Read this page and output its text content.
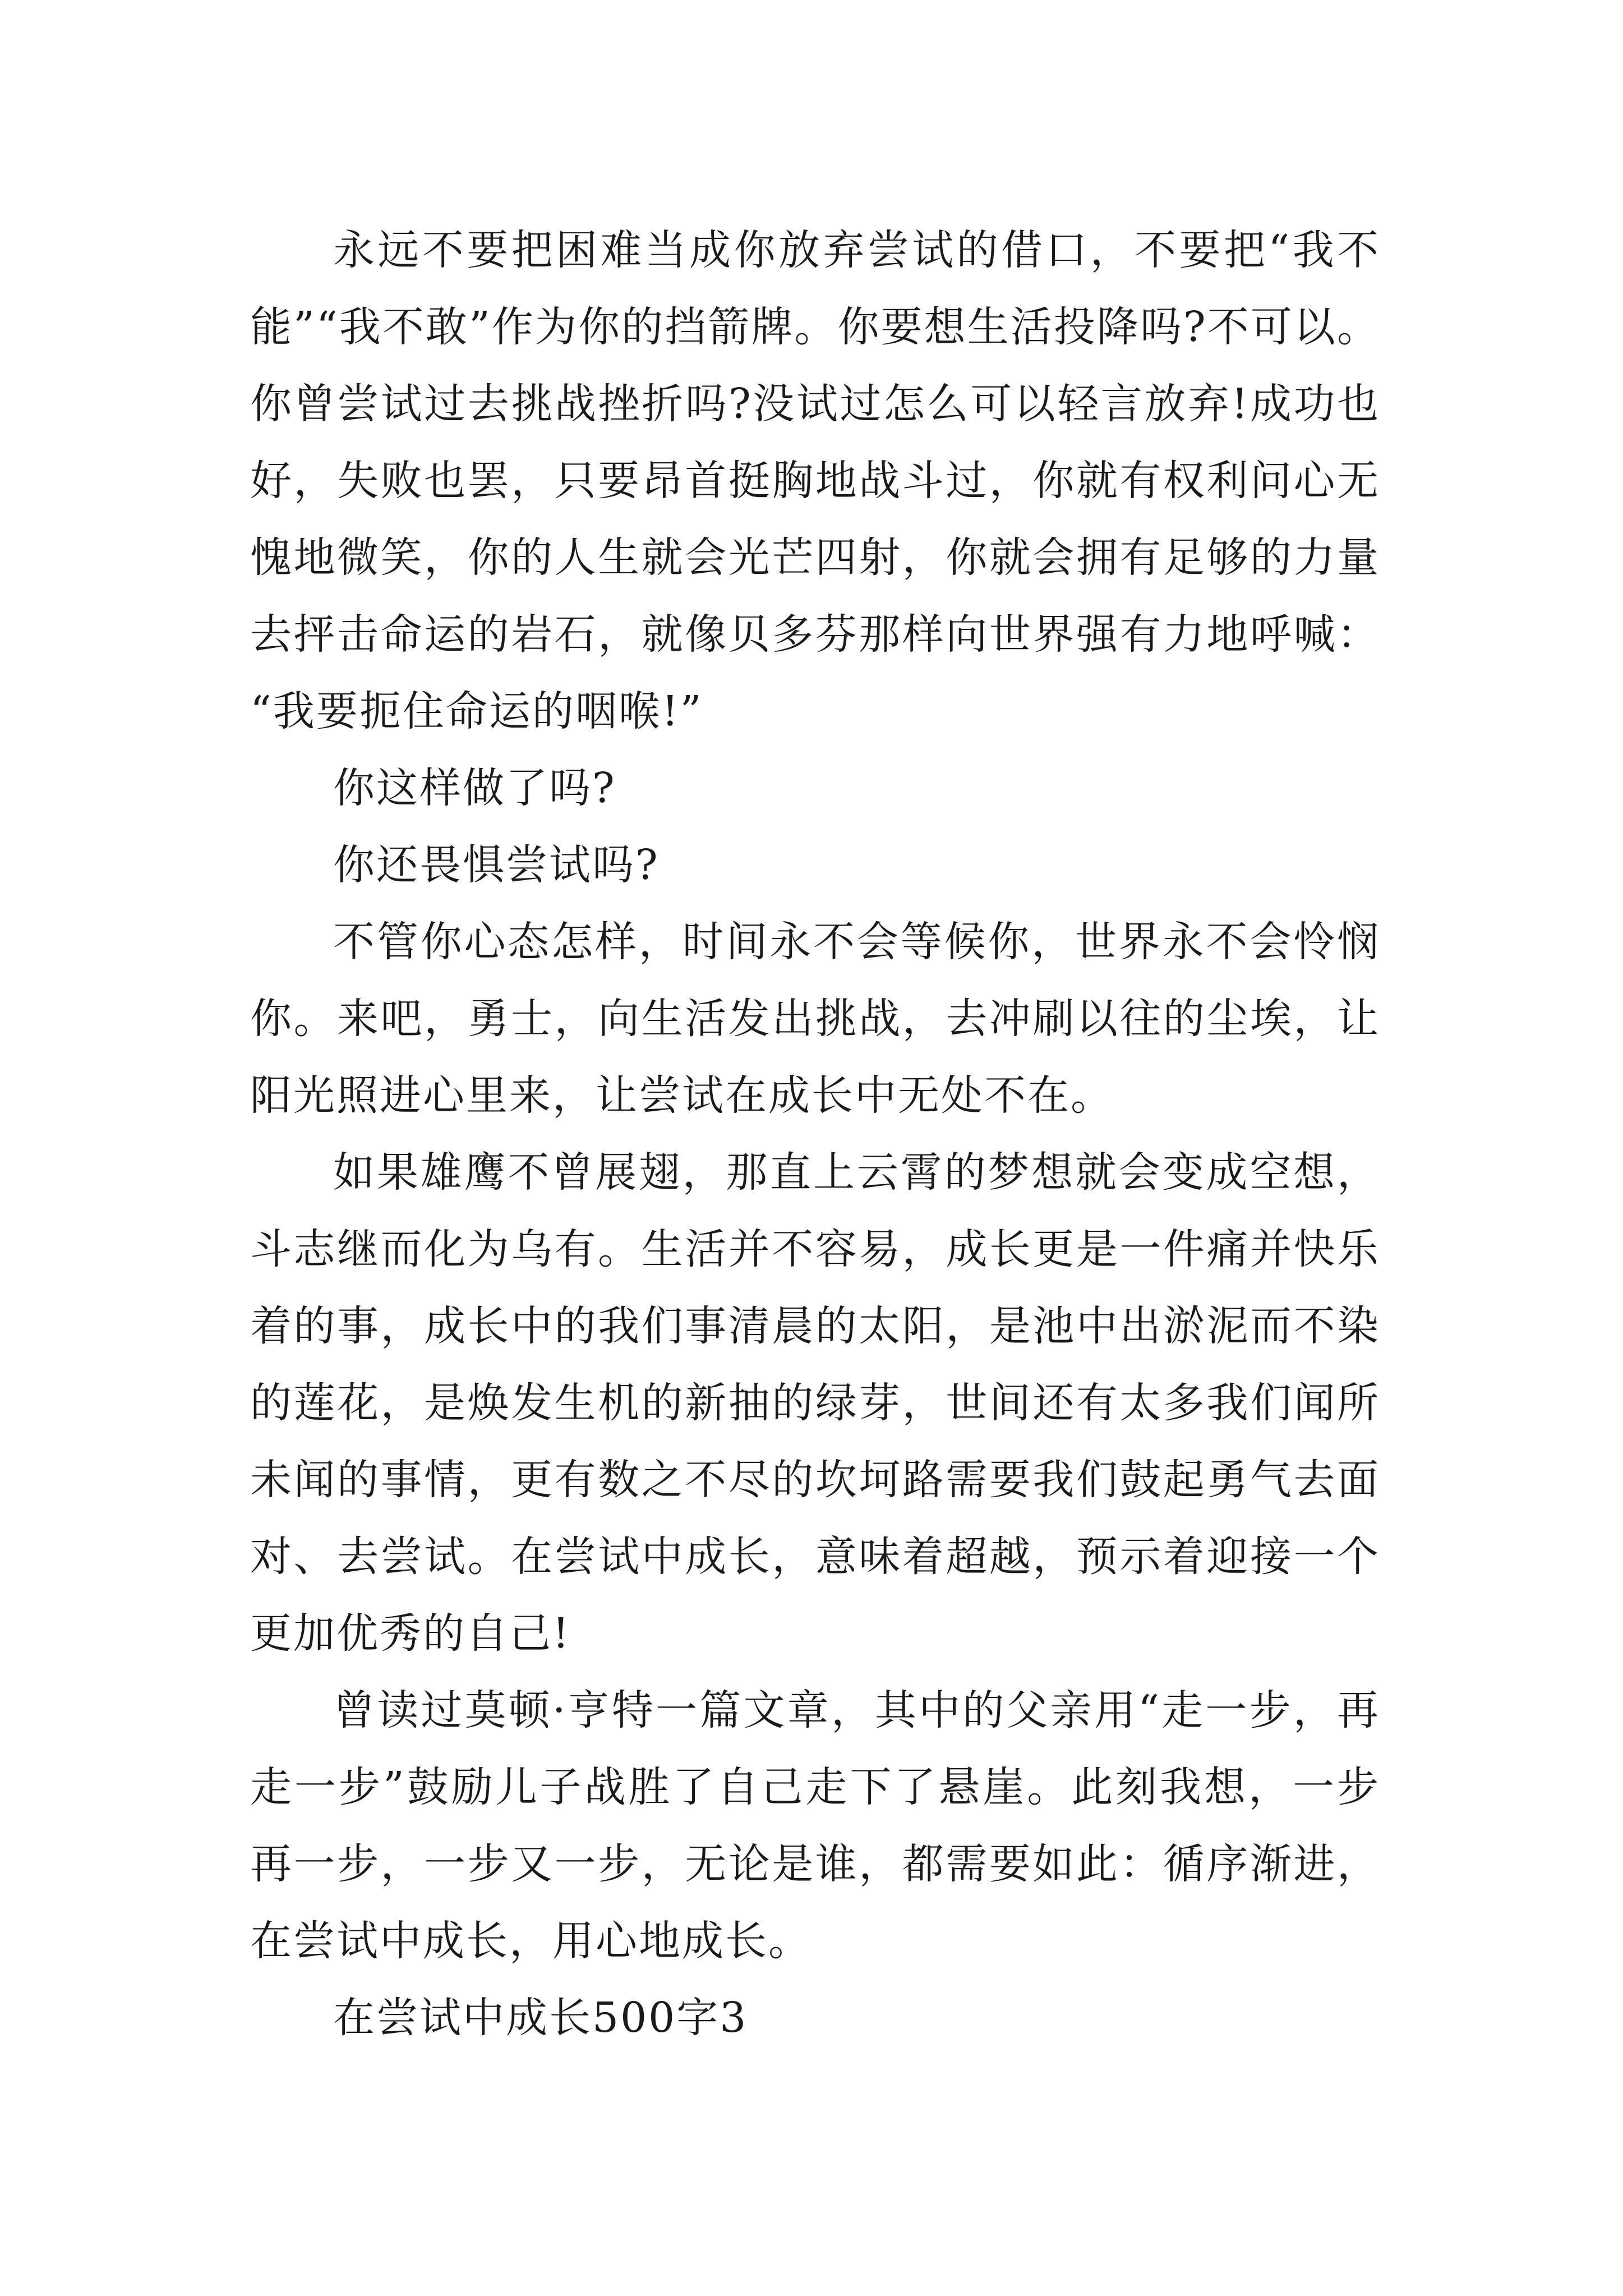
永远不要把困难当成你放弃尝试的借口，不要把“我不能”“我不敢”作为你的挡箭牌。你要想生活投降吗?不可以。你曾尝试过去挑战挫折吗?没试过怎么可以轻言放弃!成功也好，失败也罢，只要昂首挺胸地战斗过，你就有权利问心无愧地微笑，你的人生就会光芒四射，你就会拥有足够的力量去抨击命运的岩石，就像贝多芬那样向世界强有力地呼喊：“我要扼住命运的咽喉!”

你这样做了吗?

你还畏惧尝试吗?

不管你心态怎样，时间永不会等候你，世界永不会怜悯你。来吧，勇士，向生活发出挑战，去冲刷以往的尘埃，让阳光照进心里来，让尝试在成长中无处不在。

如果雄鹰不曾展翅，那直上云霄的梦想就会变成空想，斗志继而化为乌有。生活并不容易，成长更是一件痛并快乐着的事，成长中的我们事清晨的太阳，是池中出淤泥而不染的莲花，是焕发生机的新抽的绿芽，世间还有太多我们闻所未闻的事情，更有数之不尽的坎坷路需要我们鼓起勇气去面对、去尝试。在尝试中成长，意味着超越，预示着迎接一个更加优秀的自己!

曾读过莫顿·亨特一篇文章，其中的父亲用“走一步，再走一步”鼓励儿子战胜了自己走下了悬崖。此刻我想，一步再一步，一步又一步，无论是谁，都需要如此：循序渐进，在尝试中成长，用心地成长。

在尝试中成长500字3
